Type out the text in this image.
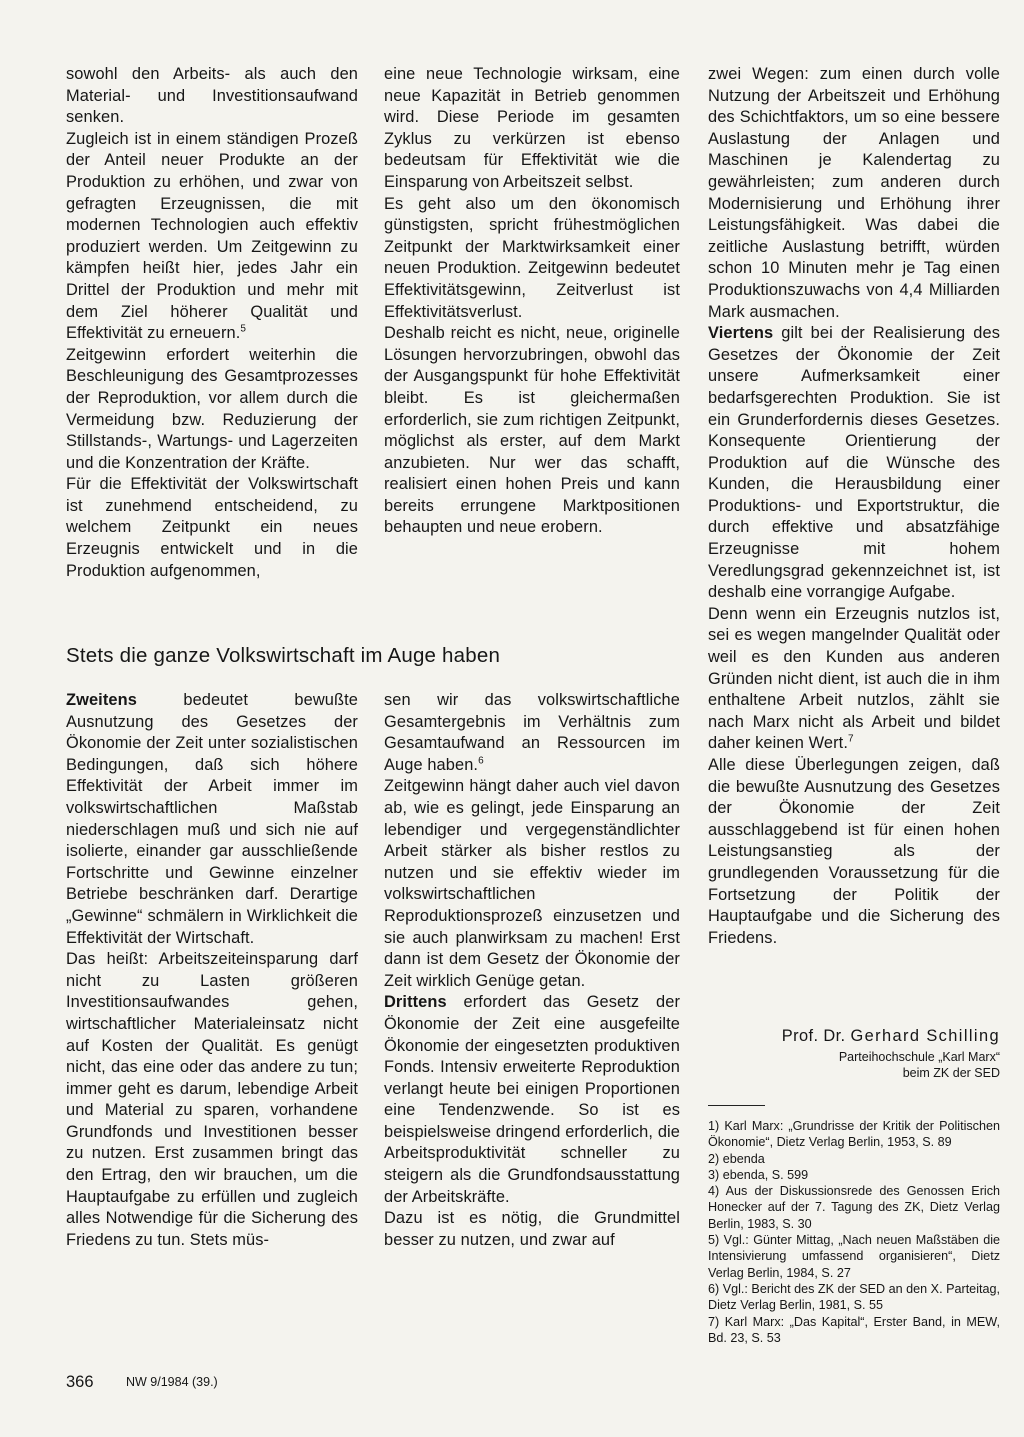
sowohl den Arbeits- als auch den Material- und Investitionsaufwand senken.

Zugleich ist in einem ständigen Prozeß der Anteil neuer Produkte an der Produktion zu erhöhen, und zwar von gefragten Erzeugnissen, die mit modernen Technologien auch effektiv produziert werden. Um Zeitgewinn zu kämpfen heißt hier, jedes Jahr ein Drittel der Produktion und mehr mit dem Ziel höherer Qualität und Effektivität zu erneuern.$^5$

Zeitgewinn erfordert weiterhin die Beschleunigung des Gesamtprozesses der Reproduktion, vor allem durch die Vermeidung bzw. Reduzierung der Stillstands-, Wartungs- und Lagerzeiten und die Konzentration der Kräfte.

Für die Effektivität der Volkswirtschaft ist zunehmend entscheidend, zu welchem Zeitpunkt ein neues Erzeugnis entwickelt und in die Produktion aufgenommen,

eine neue Technologie wirksam, eine neue Kapazität in Betrieb genommen wird. Diese Periode im gesamten Zyklus zu verkürzen ist ebenso bedeutsam für Effektivität wie die Einsparung von Arbeitszeit selbst.

Es geht also um den ökonomisch günstigsten, spricht frühestmöglichen Zeitpunkt der Marktwirksamkeit einer neuen Produktion. Zeitgewinn bedeutet Effektivitätsgewinn, Zeitverlust ist Effektivitätsverlust.

Deshalb reicht es nicht, neue, originelle Lösungen hervorzubringen, obwohl das der Ausgangspunkt für hohe Effektivität bleibt. Es ist gleichermaßen erforderlich, sie zum richtigen Zeitpunkt, möglichst als erster, auf dem Markt anzubieten. Nur wer das schafft, realisiert einen hohen Preis und kann bereits errungene Marktpositionen behaupten und neue erobern.

zwei Wegen: zum einen durch volle Nutzung der Arbeitszeit und Erhöhung des Schichtfaktors, um so eine bessere Auslastung der Anlagen und Maschinen je Kalendertag zu gewährleisten; zum anderen durch Modernisierung und Erhöhung ihrer Leistungsfähigkeit. Was dabei die zeitliche Auslastung betrifft, würden schon 10 Minuten mehr je Tag einen Produktionszuwachs von 4,4 Milliarden Mark ausmachen.

Viertens gilt bei der Realisierung des Gesetzes der Ökonomie der Zeit unsere Aufmerksamkeit einer bedarfsgerechten Produktion. Sie ist ein Grunderfordernis dieses Gesetzes. Konsequente Orientierung der Produktion auf die Wünsche des Kunden, die Herausbildung einer Produktions- und Exportstruktur, die durch effektive und absatzfähige Erzeugnisse mit hohem Veredlungsgrad gekennzeichnet ist, ist deshalb eine vorrangige Aufgabe.

Denn wenn ein Erzeugnis nutzlos ist, sei es wegen mangelnder Qualität oder weil es den Kunden aus anderen Gründen nicht dient, ist auch die in ihm enthaltene Arbeit nutzlos, zählt sie nach Marx nicht als Arbeit und bildet daher keinen Wert.$^7$

Alle diese Überlegungen zeigen, daß die bewußte Ausnutzung des Gesetzes der Ökonomie der Zeit ausschlaggebend ist für einen hohen Leistungsanstieg als der grundlegenden Voraussetzung für die Fortsetzung der Politik der Hauptaufgabe und die Sicherung des Friedens.

Stets die ganze Volkswirtschaft im Auge haben

Zweitens bedeutet bewußte Ausnutzung des Gesetzes der Ökonomie der Zeit unter sozialistischen Bedingungen, daß sich höhere Effektivität der Arbeit immer im volkswirtschaftlichen Maßstab niederschlagen muß und sich nie auf isolierte, einander gar ausschließende Fortschritte und Gewinne einzelner Betriebe beschränken darf. Derartige „Gewinne“ schmälern in Wirklichkeit die Effektivität der Wirtschaft.

Das heißt: Arbeitszeiteinsparung darf nicht zu Lasten größeren Investitionsaufwandes gehen, wirtschaftlicher Materialeinsatz nicht auf Kosten der Qualität. Es genügt nicht, das eine oder das andere zu tun; immer geht es darum, lebendige Arbeit und Material zu sparen, vorhandene Grundfonds und Investitionen besser zu nutzen. Erst zusammen bringt das den Ertrag, den wir brauchen, um die Hauptaufgabe zu erfüllen und zugleich alles Notwendige für die Sicherung des Friedens zu tun. Stets müs-

sen wir das volkswirtschaftliche Gesamtergebnis im Verhältnis zum Gesamtaufwand an Ressourcen im Auge haben.$^6$

Zeitgewinn hängt daher auch viel davon ab, wie es gelingt, jede Einsparung an lebendiger und vergegenständlichter Arbeit stärker als bisher restlos zu nutzen und sie effektiv wieder im volkswirtschaftlichen Reproduktionsprozeß einzusetzen und sie auch planwirksam zu machen! Erst dann ist dem Gesetz der Ökonomie der Zeit wirklich Genüge getan.

Drittens erfordert das Gesetz der Ökonomie der Zeit eine ausgefeilte Ökonomie der eingesetzten produktiven Fonds. Intensiv erweiterte Reproduktion verlangt heute bei einigen Proportionen eine Tendenzwende. So ist es beispielsweise dringend erforderlich, die Arbeitsproduktivität schneller zu steigern als die Grundfondsausstattung der Arbeitskräfte.

Dazu ist es nötig, die Grundmittel besser zu nutzen, und zwar auf

Prof. Dr. Gerhard Schilling
Parteihochschule „Karl Marx“
beim ZK der SED

1) Karl Marx: „Grundrisse der Kritik der Politischen Ökonomie“, Dietz Verlag Berlin, 1953, S. 89

2) ebenda

3) ebenda, S. 599

4) Aus der Diskussionsrede des Genossen Erich Honecker auf der 7. Tagung des ZK, Dietz Verlag Berlin, 1983, S. 30

5) Vgl.: Günter Mittag, „Nach neuen Maßstäben die Intensivierung umfassend organisieren“, Dietz Verlag Berlin, 1984, S. 27

6) Vgl.: Bericht des ZK der SED an den X. Parteitag, Dietz Verlag Berlin, 1981, S. 55

7) Karl Marx: „Das Kapital“, Erster Band, in MEW, Bd. 23, S. 53

366	NW 9/1984 (39.)
